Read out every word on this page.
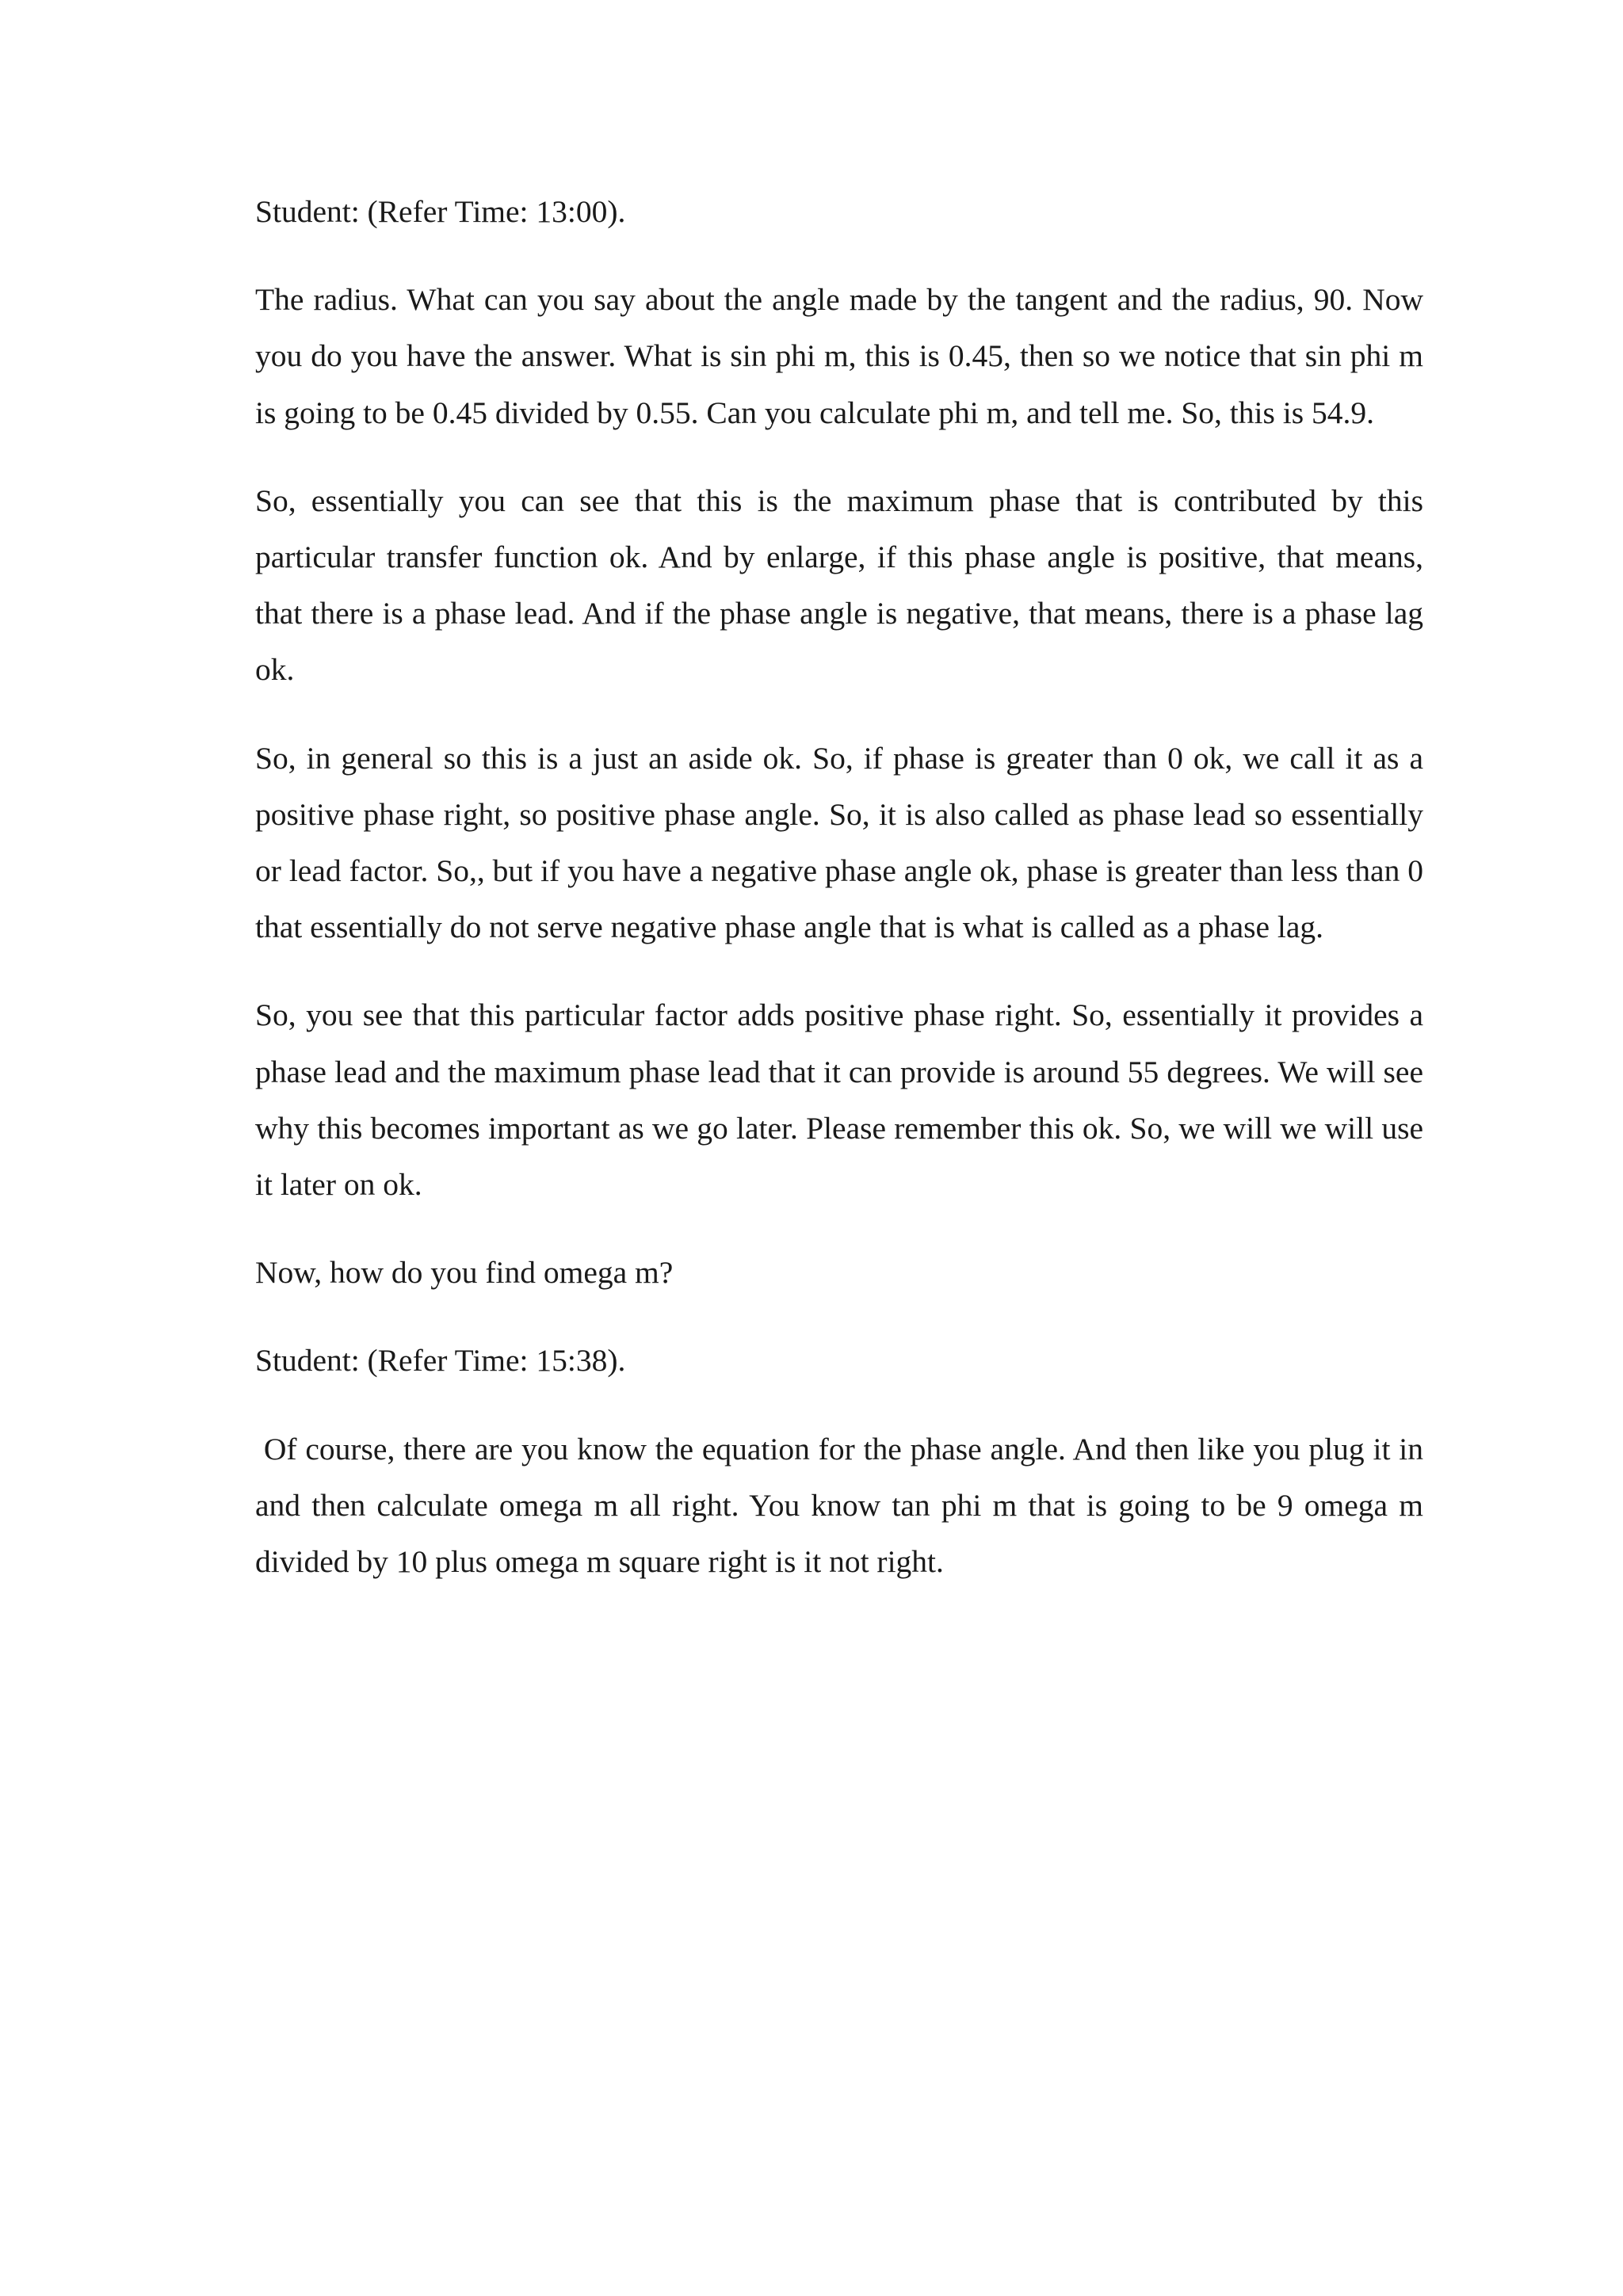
Student: (Refer Time: 13:00).

The radius. What can you say about the angle made by the tangent and the radius, 90. Now you do you have the answer. What is sin phi m, this is 0.45, then so we notice that sin phi m is going to be 0.45 divided by 0.55. Can you calculate phi m, and tell me. So, this is 54.9.

So, essentially you can see that this is the maximum phase that is contributed by this particular transfer function ok. And by enlarge, if this phase angle is positive, that means, that there is a phase lead. And if the phase angle is negative, that means, there is a phase lag ok.

So, in general so this is a just an aside ok. So, if phase is greater than 0 ok, we call it as a positive phase right, so positive phase angle. So, it is also called as phase lead so essentially or lead factor. So,, but if you have a negative phase angle ok, phase is greater than less than 0 that essentially do not serve negative phase angle that is what is called as a phase lag.

So, you see that this particular factor adds positive phase right. So, essentially it provides a phase lead and the maximum phase lead that it can provide is around 55 degrees. We will see why this becomes important as we go later. Please remember this ok. So, we will we will use it later on ok.

Now, how do you find omega m?

Student: (Refer Time: 15:38).

Of course, there are you know the equation for the phase angle. And then like you plug it in and then calculate omega m all right. You know tan phi m that is going to be 9 omega m divided by 10 plus omega m square right is it not right.
